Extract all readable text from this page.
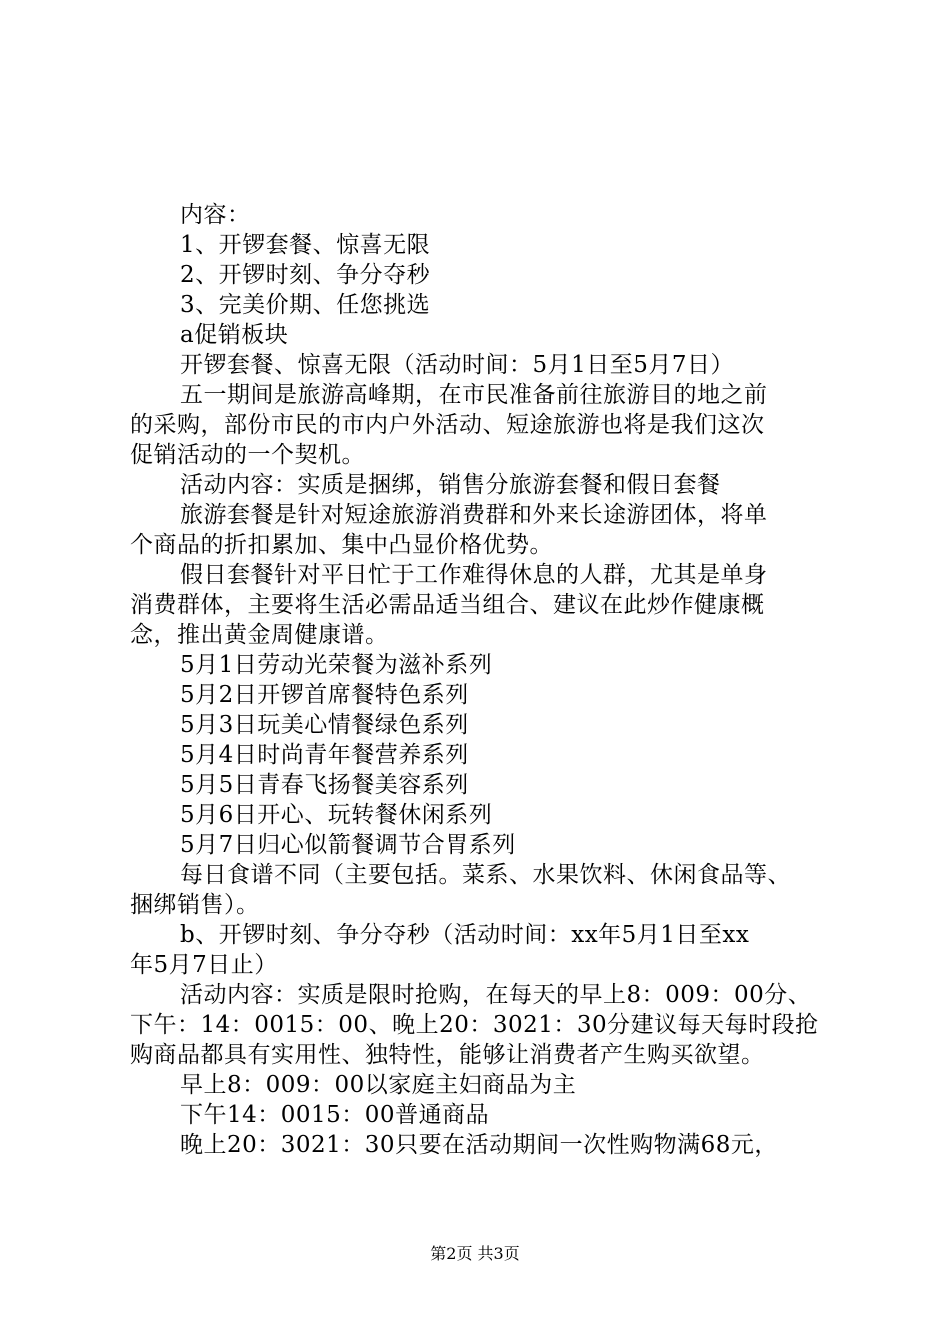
内容：
1、开锣套餐、惊喜无限
2、开锣时刻、争分夺秒
3、完美价期、任您挑选
a促销板块
开锣套餐、惊喜无限（活动时间：5月1日至5月7日）
五一期间是旅游高峰期，在市民准备前往旅游目的地之前
的采购，部份市民的市内户外活动、短途旅游也将是我们这次
促销活动的一个契机。
活动内容：实质是捆绑，销售分旅游套餐和假日套餐
旅游套餐是针对短途旅游消费群和外来长途游团体，将单
个商品的折扣累加、集中凸显价格优势。
假日套餐针对平日忙于工作难得休息的人群，尤其是单身
消费群体，主要将生活必需品适当组合、建议在此炒作健康概
念，推出黄金周健康谱。
5月1日劳动光荣餐为滋补系列
5月2日开锣首席餐特色系列
5月3日玩美心情餐绿色系列
5月4日时尚青年餐营养系列
5月5日青春飞扬餐美容系列
5月6日开心、玩转餐休闲系列
5月7日归心似箭餐调节合胃系列
每日食谱不同（主要包括。菜系、水果饮料、休闲食品等、
捆绑销售）。
b、开锣时刻、争分夺秒（活动时间：xx年5月1日至xx
年5月7日止）
活动内容：实质是限时抢购，在每天的早上8：009：00分、
下午：14：0015：00、晚上20：3021：30分建议每天每时段抢
购商品都具有实用性、独特性，能够让消费者产生购买欲望。
早上8：009：00以家庭主妇商品为主
下午14：0015：00普通商品
晚上20：3021：30只要在活动期间一次性购物满68元，
第2页 共3页
